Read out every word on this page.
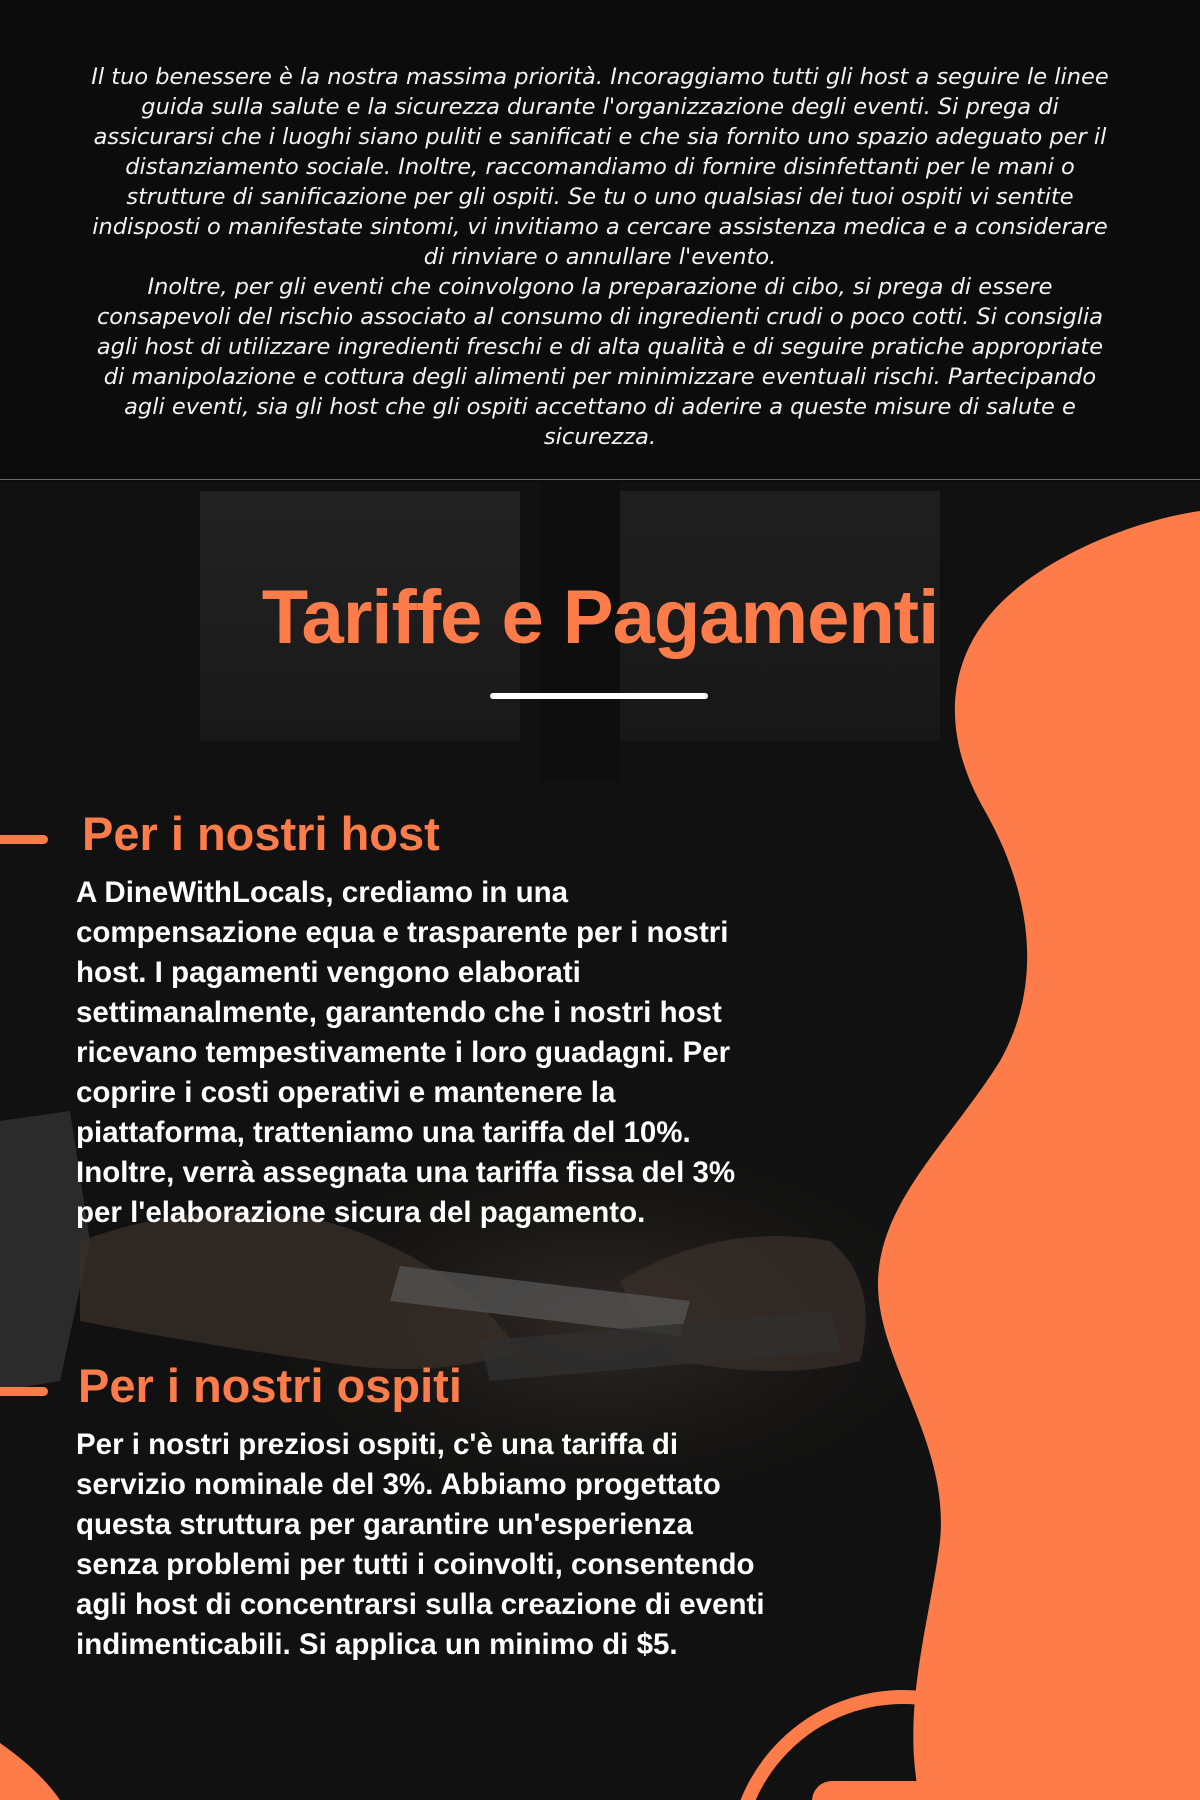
Il tuo benessere è la nostra massima priorità. Incoraggiamo tutti gli host a seguire le linee guida sulla salute e la sicurezza durante l'organizzazione degli eventi. Si prega di assicurarsi che i luoghi siano puliti e sanificati e che sia fornito uno spazio adeguato per il distanziamento sociale. Inoltre, raccomandiamo di fornire disinfettanti per le mani o strutture di sanificazione per gli ospiti. Se tu o uno qualsiasi dei tuoi ospiti vi sentite indisposti o manifestate sintomi, vi invitiamo a cercare assistenza medica e a considerare di rinviare o annullare l'evento.

Inoltre, per gli eventi che coinvolgono la preparazione di cibo, si prega di essere consapevoli del rischio associato al consumo di ingredienti crudi o poco cotti. Si consiglia agli host di utilizzare ingredienti freschi e di alta qualità e di seguire pratiche appropriate di manipolazione e cottura degli alimenti per minimizzare eventuali rischi. Partecipando agli eventi, sia gli host che gli ospiti accettano di aderire a queste misure di salute e sicurezza.

Tariffe e Pagamenti
Per i nostri host

A DineWithLocals, crediamo in una compensazione equa e trasparente per i nostri host. I pagamenti vengono elaborati settimanalmente, garantendo che i nostri host ricevano tempestivamente i loro guadagni. Per coprire i costi operativi e mantenere la piattaforma, tratteniamo una tariffa del 10%. Inoltre, verrà assegnata una tariffa fissa del 3% per l'elaborazione sicura del pagamento.

Per i nostri ospiti

Per i nostri preziosi ospiti, c'è una tariffa di servizio nominale del 3%. Abbiamo progettato questa struttura per garantire un'esperienza senza problemi per tutti i coinvolti, consentendo agli host di concentrarsi sulla creazione di eventi indimenticabili. Si applica un minimo di $5.
